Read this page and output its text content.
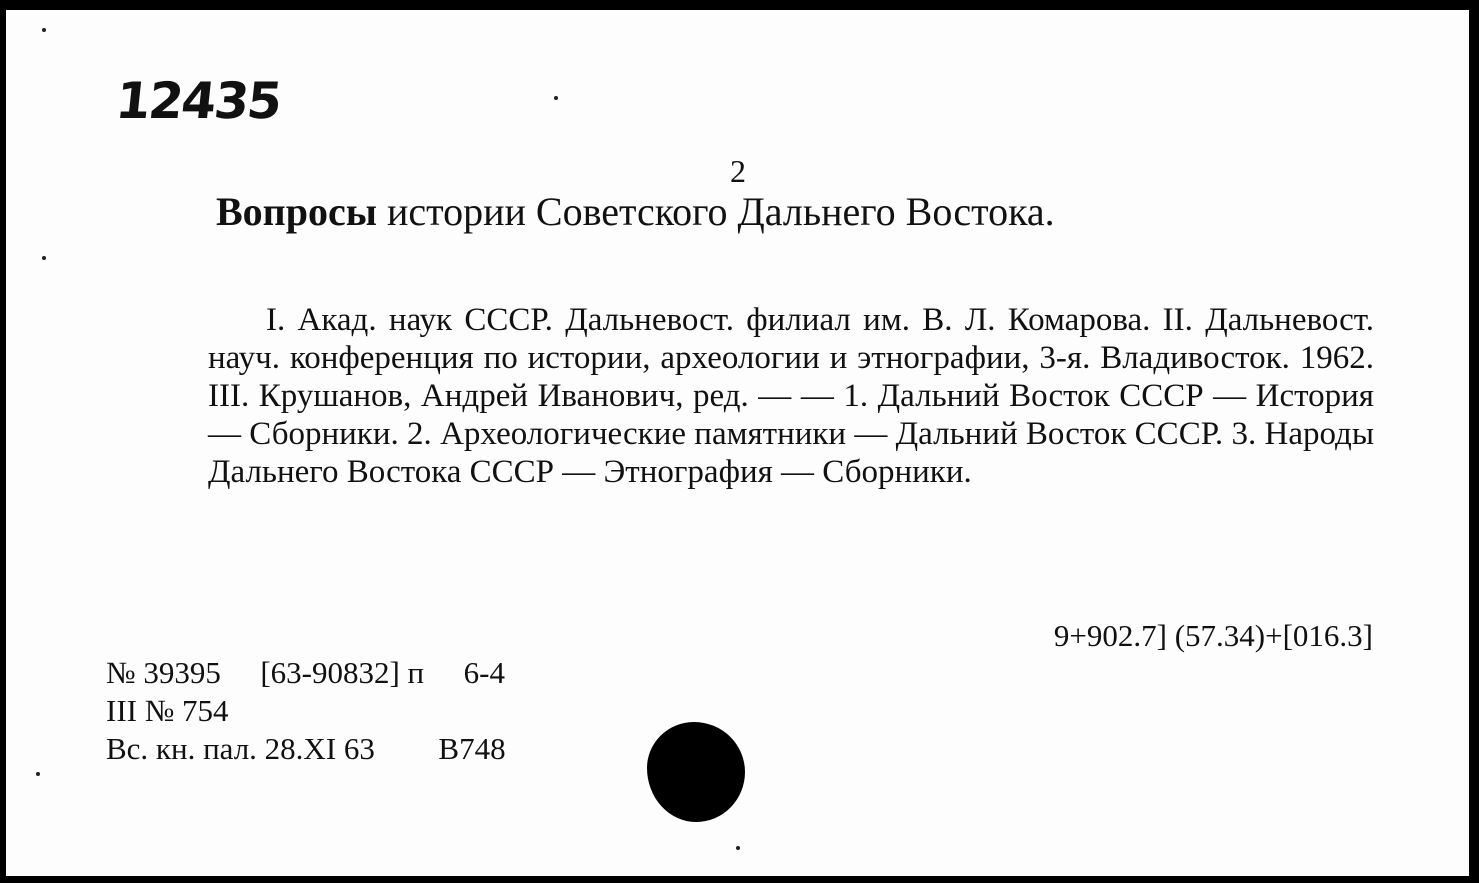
12435
2
Вопросы истории Советского Дальнего Востока.
I. Акад. наук СССР. Дальневост. филиал им. В. Л. Комарова. II. Дальневост. науч. конференция по истории, археологии и этнографии, 3-я. Владивосток. 1962. III. Крушанов, Андрей Иванович, ред. — — 1. Дальний Восток СССР — История — Сборники. 2. Археологические памятники — Дальний Восток СССР. 3. Народы Дальнего Востока СССР — Этнография — Сборники.
9+902.7] (57.34)+[016.3]
№ 39395 [63-90832] п 6-4
III № 754
Вс. кн. пал. 28.XI 63 В748
